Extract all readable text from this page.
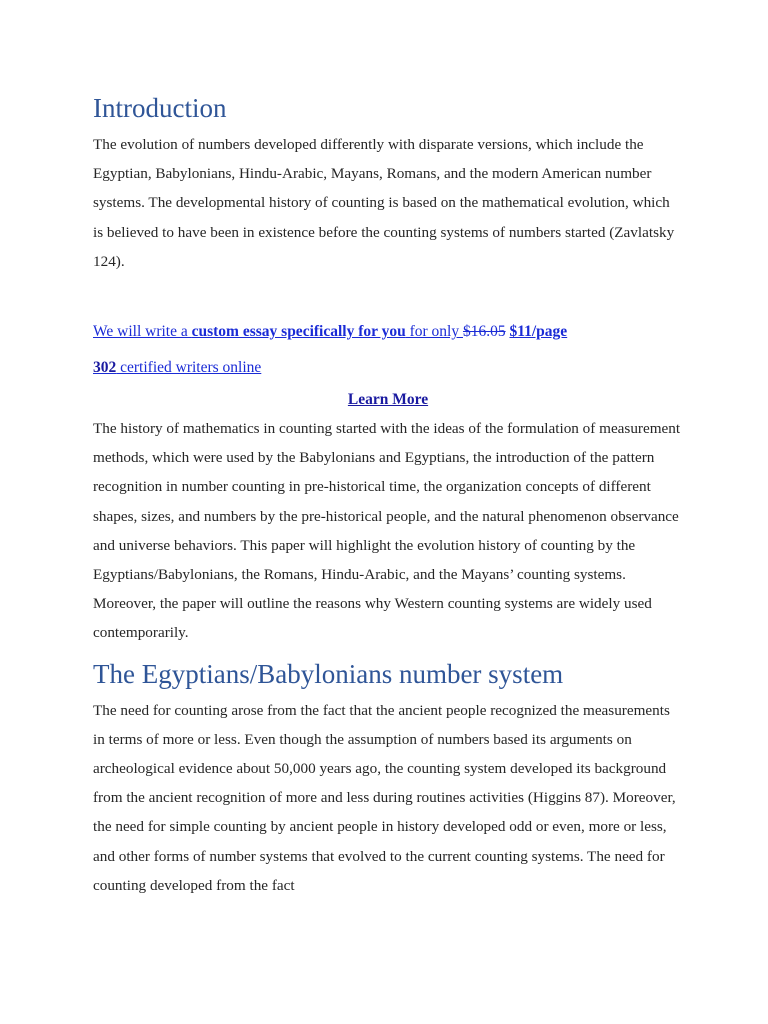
Introduction

The evolution of numbers developed differently with disparate versions, which include the Egyptian, Babylonians, Hindu-Arabic, Mayans, Romans, and the modern American number systems. The developmental history of counting is based on the mathematical evolution, which is believed to have been in existence before the counting systems of numbers started (Zavlatsky 124).

We will write a custom essay specifically for you for only $16.05 $11/page
302 certified writers online
Learn More

The history of mathematics in counting started with the ideas of the formulation of measurement methods, which were used by the Babylonians and Egyptians, the introduction of the pattern recognition in number counting in pre-historical time, the organization concepts of different shapes, sizes, and numbers by the pre-historical people, and the natural phenomenon observance and universe behaviors. This paper will highlight the evolution history of counting by the Egyptians/Babylonians, the Romans, Hindu-Arabic, and the Mayans’ counting systems. Moreover, the paper will outline the reasons why Western counting systems are widely used contemporarily.

The Egyptians/Babylonians number system

The need for counting arose from the fact that the ancient people recognized the measurements in terms of more or less. Even though the assumption of numbers based its arguments on archeological evidence about 50,000 years ago, the counting system developed its background from the ancient recognition of more and less during routines activities (Higgins 87). Moreover, the need for simple counting by ancient people in history developed odd or even, more or less, and other forms of number systems that evolved to the current counting systems. The need for counting developed from the fact
